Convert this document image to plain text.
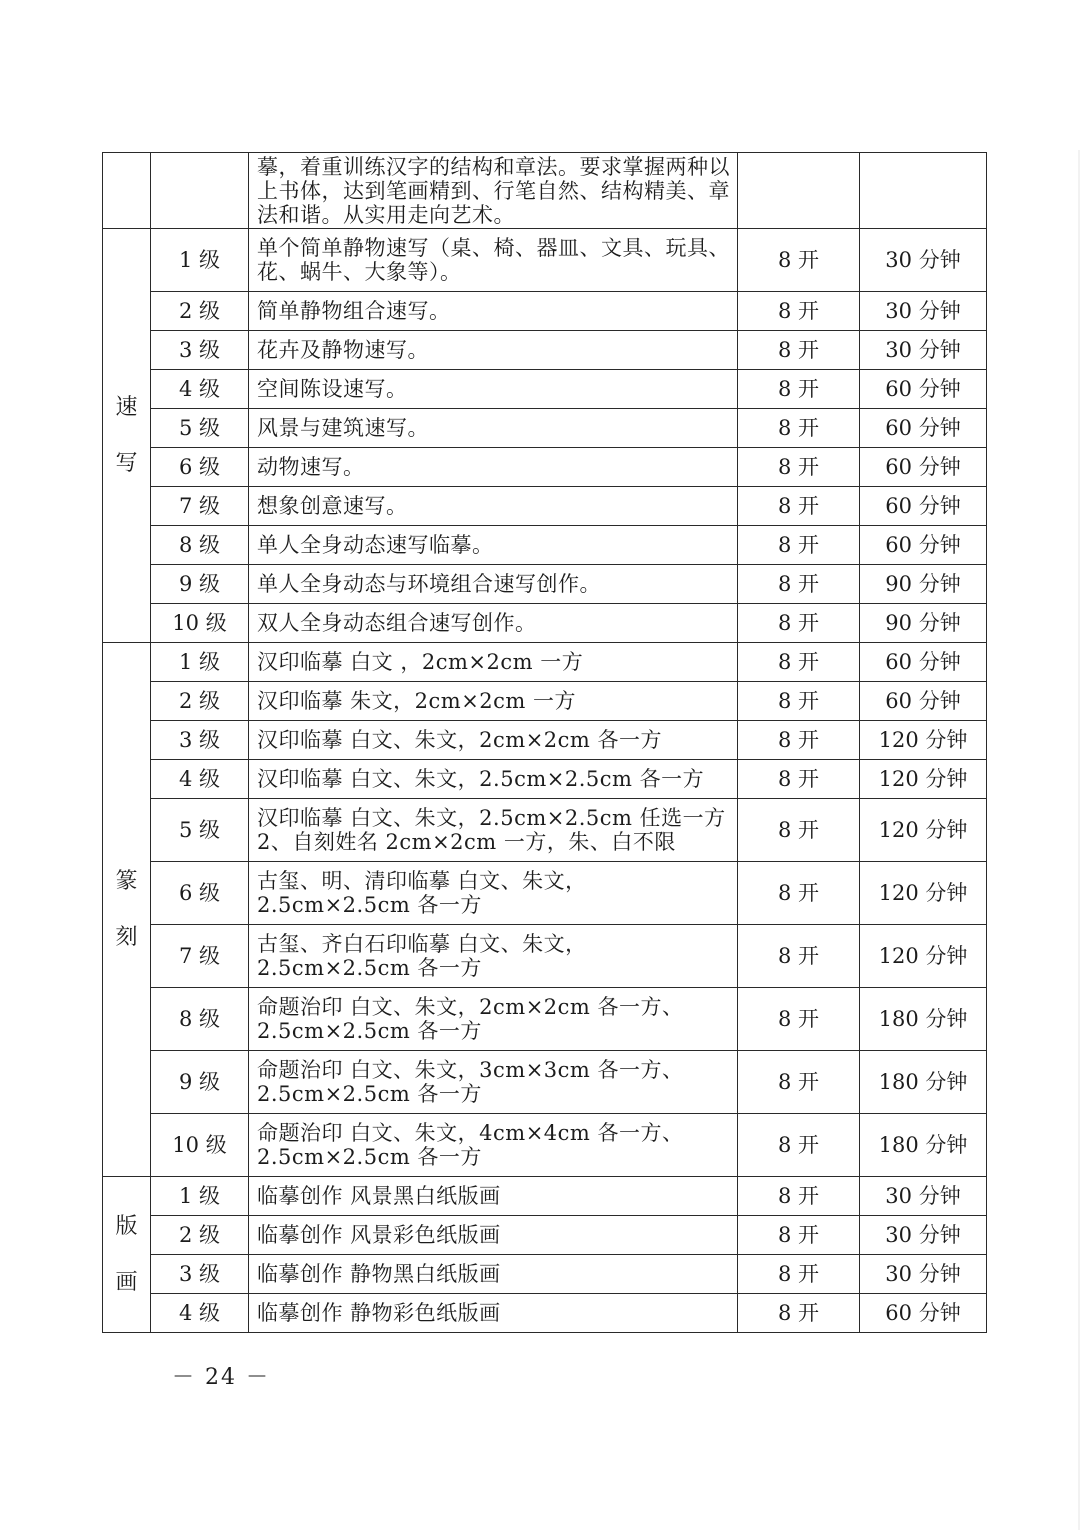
		摹，着重训练汉字的结构和章法。要求掌握两种以上书体，达到笔画精到、行笔自然、结构精美、章法和谐。从实用走向艺术。		

速
写	1 级	单个简单静物速写（桌、椅、器皿、文具、玩具、花、蜗牛、大象等）。	8 开	30 分钟
	2 级	简单静物组合速写。	8 开	30 分钟
	3 级	花卉及静物速写。	8 开	30 分钟
	4 级	空间陈设速写。	8 开	60 分钟
	5 级	风景与建筑速写。	8 开	60 分钟
	6 级	动物速写。	8 开	60 分钟
	7 级	想象创意速写。	8 开	60 分钟
	8 级	单人全身动态速写临摹。	8 开	60 分钟
	9 级	单人全身动态与环境组合速写创作。	8 开	90 分钟
	10 级	双人全身动态组合速写创作。	8 开	90 分钟

篆
刻	1 级	汉印临摹 白文 ，2cm×2cm 一方	8 开	60 分钟
	2 级	汉印临摹 朱文，2cm×2cm 一方	8 开	60 分钟
	3 级	汉印临摹 白文、朱文，2cm×2cm 各一方	8 开	120 分钟
	4 级	汉印临摹 白文、朱文，2.5cm×2.5cm 各一方	8 开	120 分钟
	5 级	汉印临摹 白文、朱文，2.5cm×2.5cm 任选一方 2、自刻姓名 2cm×2cm 一方，朱、白不限	8 开	120 分钟
	6 级	古玺、明、清印临摹 白文、朱文，2.5cm×2.5cm 各一方	8 开	120 分钟
	7 级	古玺、齐白石印临摹 白文、朱文，2.5cm×2.5cm 各一方	8 开	120 分钟
	8 级	命题治印 白文、朱文，2cm×2cm 各一方、2.5cm×2.5cm 各一方	8 开	180 分钟
	9 级	命题治印 白文、朱文，3cm×3cm 各一方、2.5cm×2.5cm 各一方	8 开	180 分钟
	10 级	命题治印 白文、朱文，4cm×4cm 各一方、2.5cm×2.5cm 各一方	8 开	180 分钟

版
画	1 级	临摹创作 风景黑白纸版画	8 开	30 分钟
	2 级	临摹创作 风景彩色纸版画	8 开	30 分钟
	3 级	临摹创作 静物黑白纸版画	8 开	30 分钟
	4 级	临摹创作 静物彩色纸版画	8 开	60 分钟
－ 24 －
